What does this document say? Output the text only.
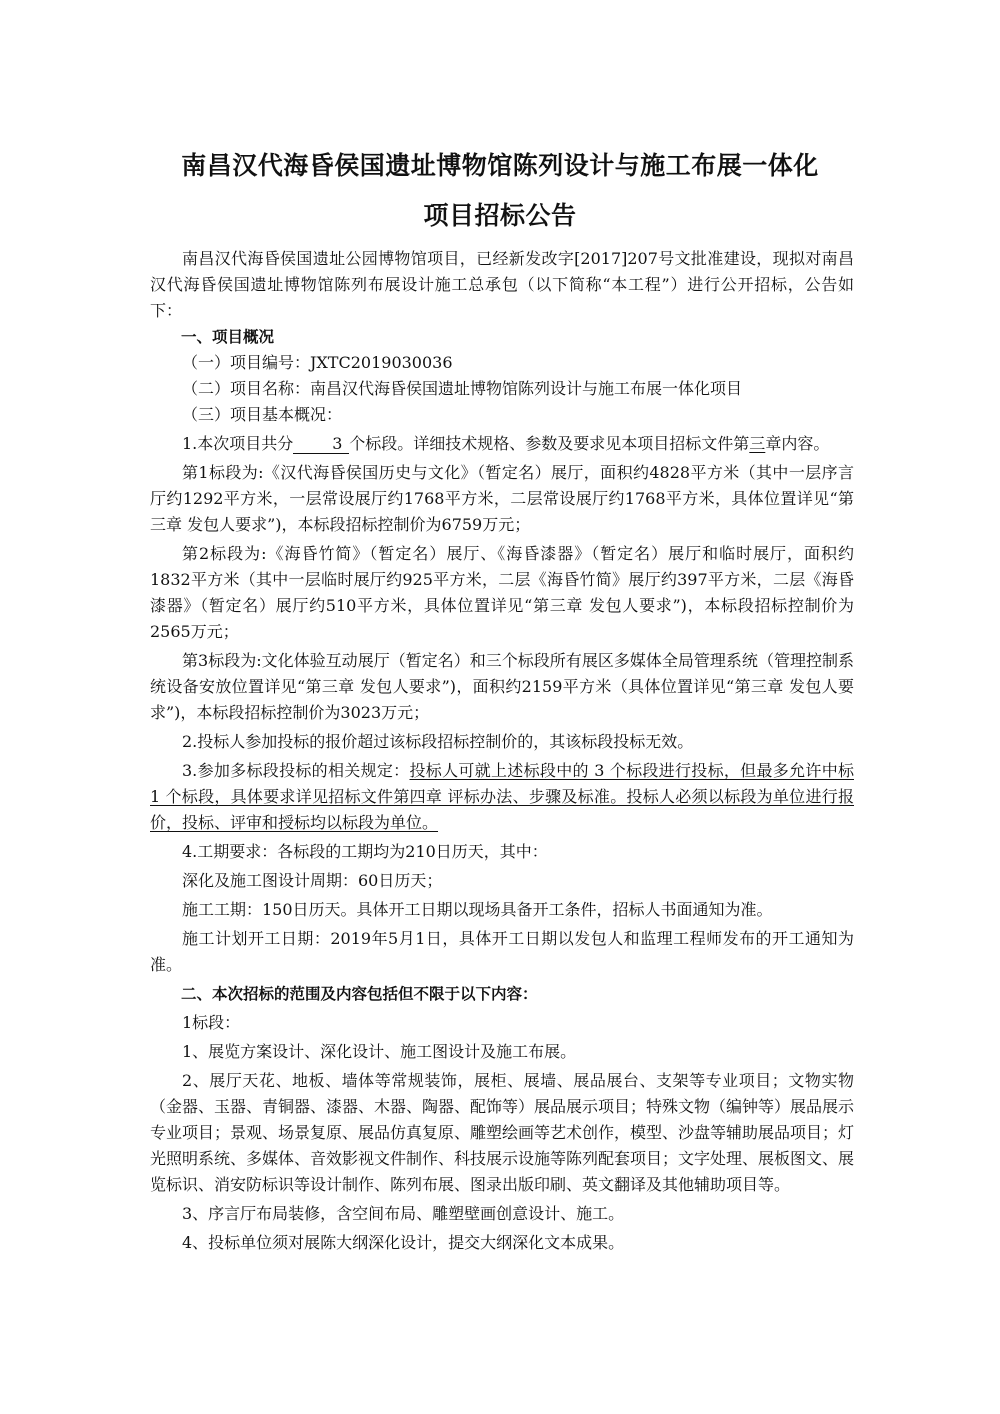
南昌汉代海昏侯国遗址博物馆陈列设计与施工布展一体化
项目招标公告

南昌汉代海昏侯国遗址公园博物馆项目，已经新发改字[2017]207号文批准建设，现拟对南昌汉代海昏侯国遗址博物馆陈列布展设计施工总承包（以下简称“本工程”）进行公开招标，公告如下：

一、项目概况

（一）项目编号：JXTC2019030036

（二）项目名称：南昌汉代海昏侯国遗址博物馆陈列设计与施工布展一体化项目

（三）项目基本概况：

1.本次项目共分 3 个标段。详细技术规格、参数及要求见本项目招标文件第三章内容。

第1标段为:《汉代海昏侯国历史与文化》（暂定名）展厅，面积约4828平方米（其中一层序言厅约1292平方米，一层常设展厅约1768平方米，二层常设展厅约1768平方米，具体位置详见“第三章 发包人要求”)，本标段招标控制价为6759万元；

第2标段为:《海昏竹简》（暂定名）展厅、《海昏漆器》（暂定名）展厅和临时展厅，面积约1832平方米（其中一层临时展厅约925平方米，二层《海昏竹简》展厅约397平方米，二层《海昏漆器》（暂定名）展厅约510平方米，具体位置详见“第三章 发包人要求”)，本标段招标控制价为2565万元；

第3标段为:文化体验互动展厅（暂定名）和三个标段所有展区多媒体全局管理系统（管理控制系统设备安放位置详见“第三章 发包人要求”)，面积约2159平方米（具体位置详见“第三章 发包人要求”)，本标段招标控制价为3023万元；

2.投标人参加投标的报价超过该标段招标控制价的，其该标段投标无效。

3.参加多标段投标的相关规定：投标人可就上述标段中的 3 个标段进行投标，但最多允许中标 1 个标段，具体要求详见招标文件第四章 评标办法、步骤及标准。投标人必须以标段为单位进行报价，投标、评审和授标均以标段为单位。

4.工期要求：各标段的工期均为210日历天，其中：

深化及施工图设计周期：60日历天；

施工工期：150日历天。具体开工日期以现场具备开工条件，招标人书面通知为准。

施工计划开工日期：2019年5月1日，具体开工日期以发包人和监理工程师发布的开工通知为准。

二、本次招标的范围及内容包括但不限于以下内容：

1标段：

1、展览方案设计、深化设计、施工图设计及施工布展。

2、展厅天花、地板、墙体等常规装饰，展柜、展墙、展品展台、支架等专业项目；文物实物（金器、玉器、青铜器、漆器、木器、陶器、配饰等）展品展示项目；特殊文物（编钟等）展品展示专业项目；景观、场景复原、展品仿真复原、雕塑绘画等艺术创作，模型、沙盘等辅助展品项目；灯光照明系统、多媒体、音效影视文件制作、科技展示设施等陈列配套项目；文字处理、展板图文、展览标识、消安防标识等设计制作、陈列布展、图录出版印刷、英文翻译及其他辅助项目等。

3、序言厅布局装修，含空间布局、雕塑壁画创意设计、施工。

4、投标单位须对展陈大纲深化设计，提交大纲深化文本成果。
